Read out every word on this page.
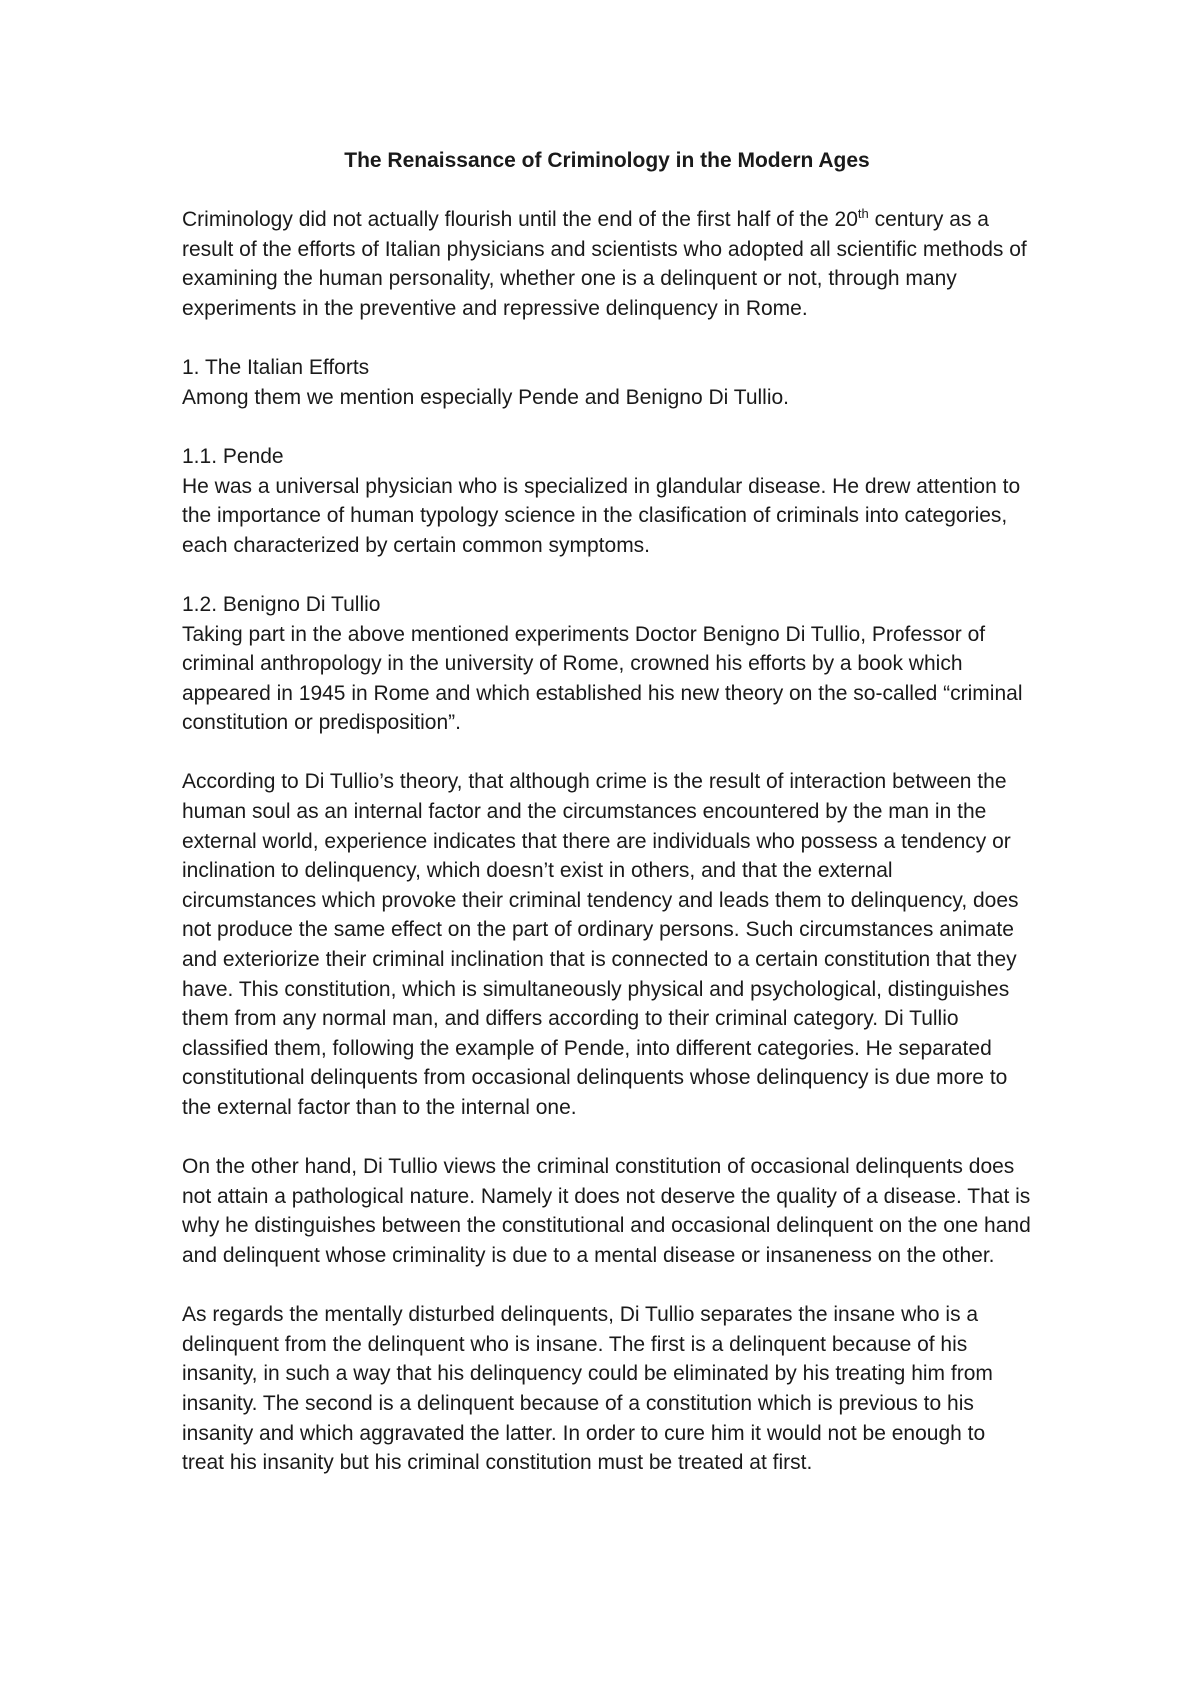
The Renaissance of Criminology in the Modern Ages
Criminology did not actually flourish until the end of the first half of the 20th century as a result of the efforts of Italian physicians and scientists who adopted all scientific methods of examining the human personality, whether one is a delinquent or not, through many experiments in the preventive and repressive delinquency in Rome.
1. The Italian Efforts
Among them we mention especially Pende and Benigno Di Tullio.
1.1. Pende
He was a universal physician who is specialized in glandular disease. He drew attention to the importance of human typology science in the clasification of criminals into categories, each characterized by certain common symptoms.
1.2. Benigno Di Tullio
Taking part in the above mentioned experiments Doctor Benigno Di Tullio, Professor of criminal anthropology in the university of Rome, crowned his efforts by a book which appeared in 1945 in Rome and which established his new theory on the so-called “criminal constitution or predisposition”.
According to Di Tullio’s theory, that although crime is the result of interaction between the human soul as an internal factor and the circumstances encountered by the man in the external world, experience indicates that there are individuals who possess a tendency or inclination to delinquency, which doesn’t exist in others, and that the external circumstances which provoke their criminal tendency and leads them to delinquency, does not produce the same effect on the part of ordinary persons. Such circumstances animate and exteriorize their criminal inclination that is connected to a certain constitution that they have. This constitution, which is simultaneously physical and psychological, distinguishes them from any normal man, and differs according to their criminal category. Di Tullio classified them, following the example of Pende, into different categories. He separated constitutional delinquents from occasional delinquents whose delinquency is due more to the external factor than to the internal one.
On the other hand, Di Tullio views the criminal constitution of occasional delinquents does not attain a pathological nature. Namely it does not deserve the quality of a disease. That is why he distinguishes between the constitutional and occasional delinquent on the one hand and delinquent whose criminality is due to a mental disease or insaneness on the other.
As regards the mentally disturbed delinquents, Di Tullio separates the insane who is a delinquent from the delinquent who is insane. The first is a delinquent because of his insanity, in such a way that his delinquency could be eliminated by his treating him from insanity. The second is a delinquent because of a constitution which is previous to his insanity and which aggravated the latter. In order to cure him it would not be enough to treat his insanity but his criminal constitution must be treated at first.
